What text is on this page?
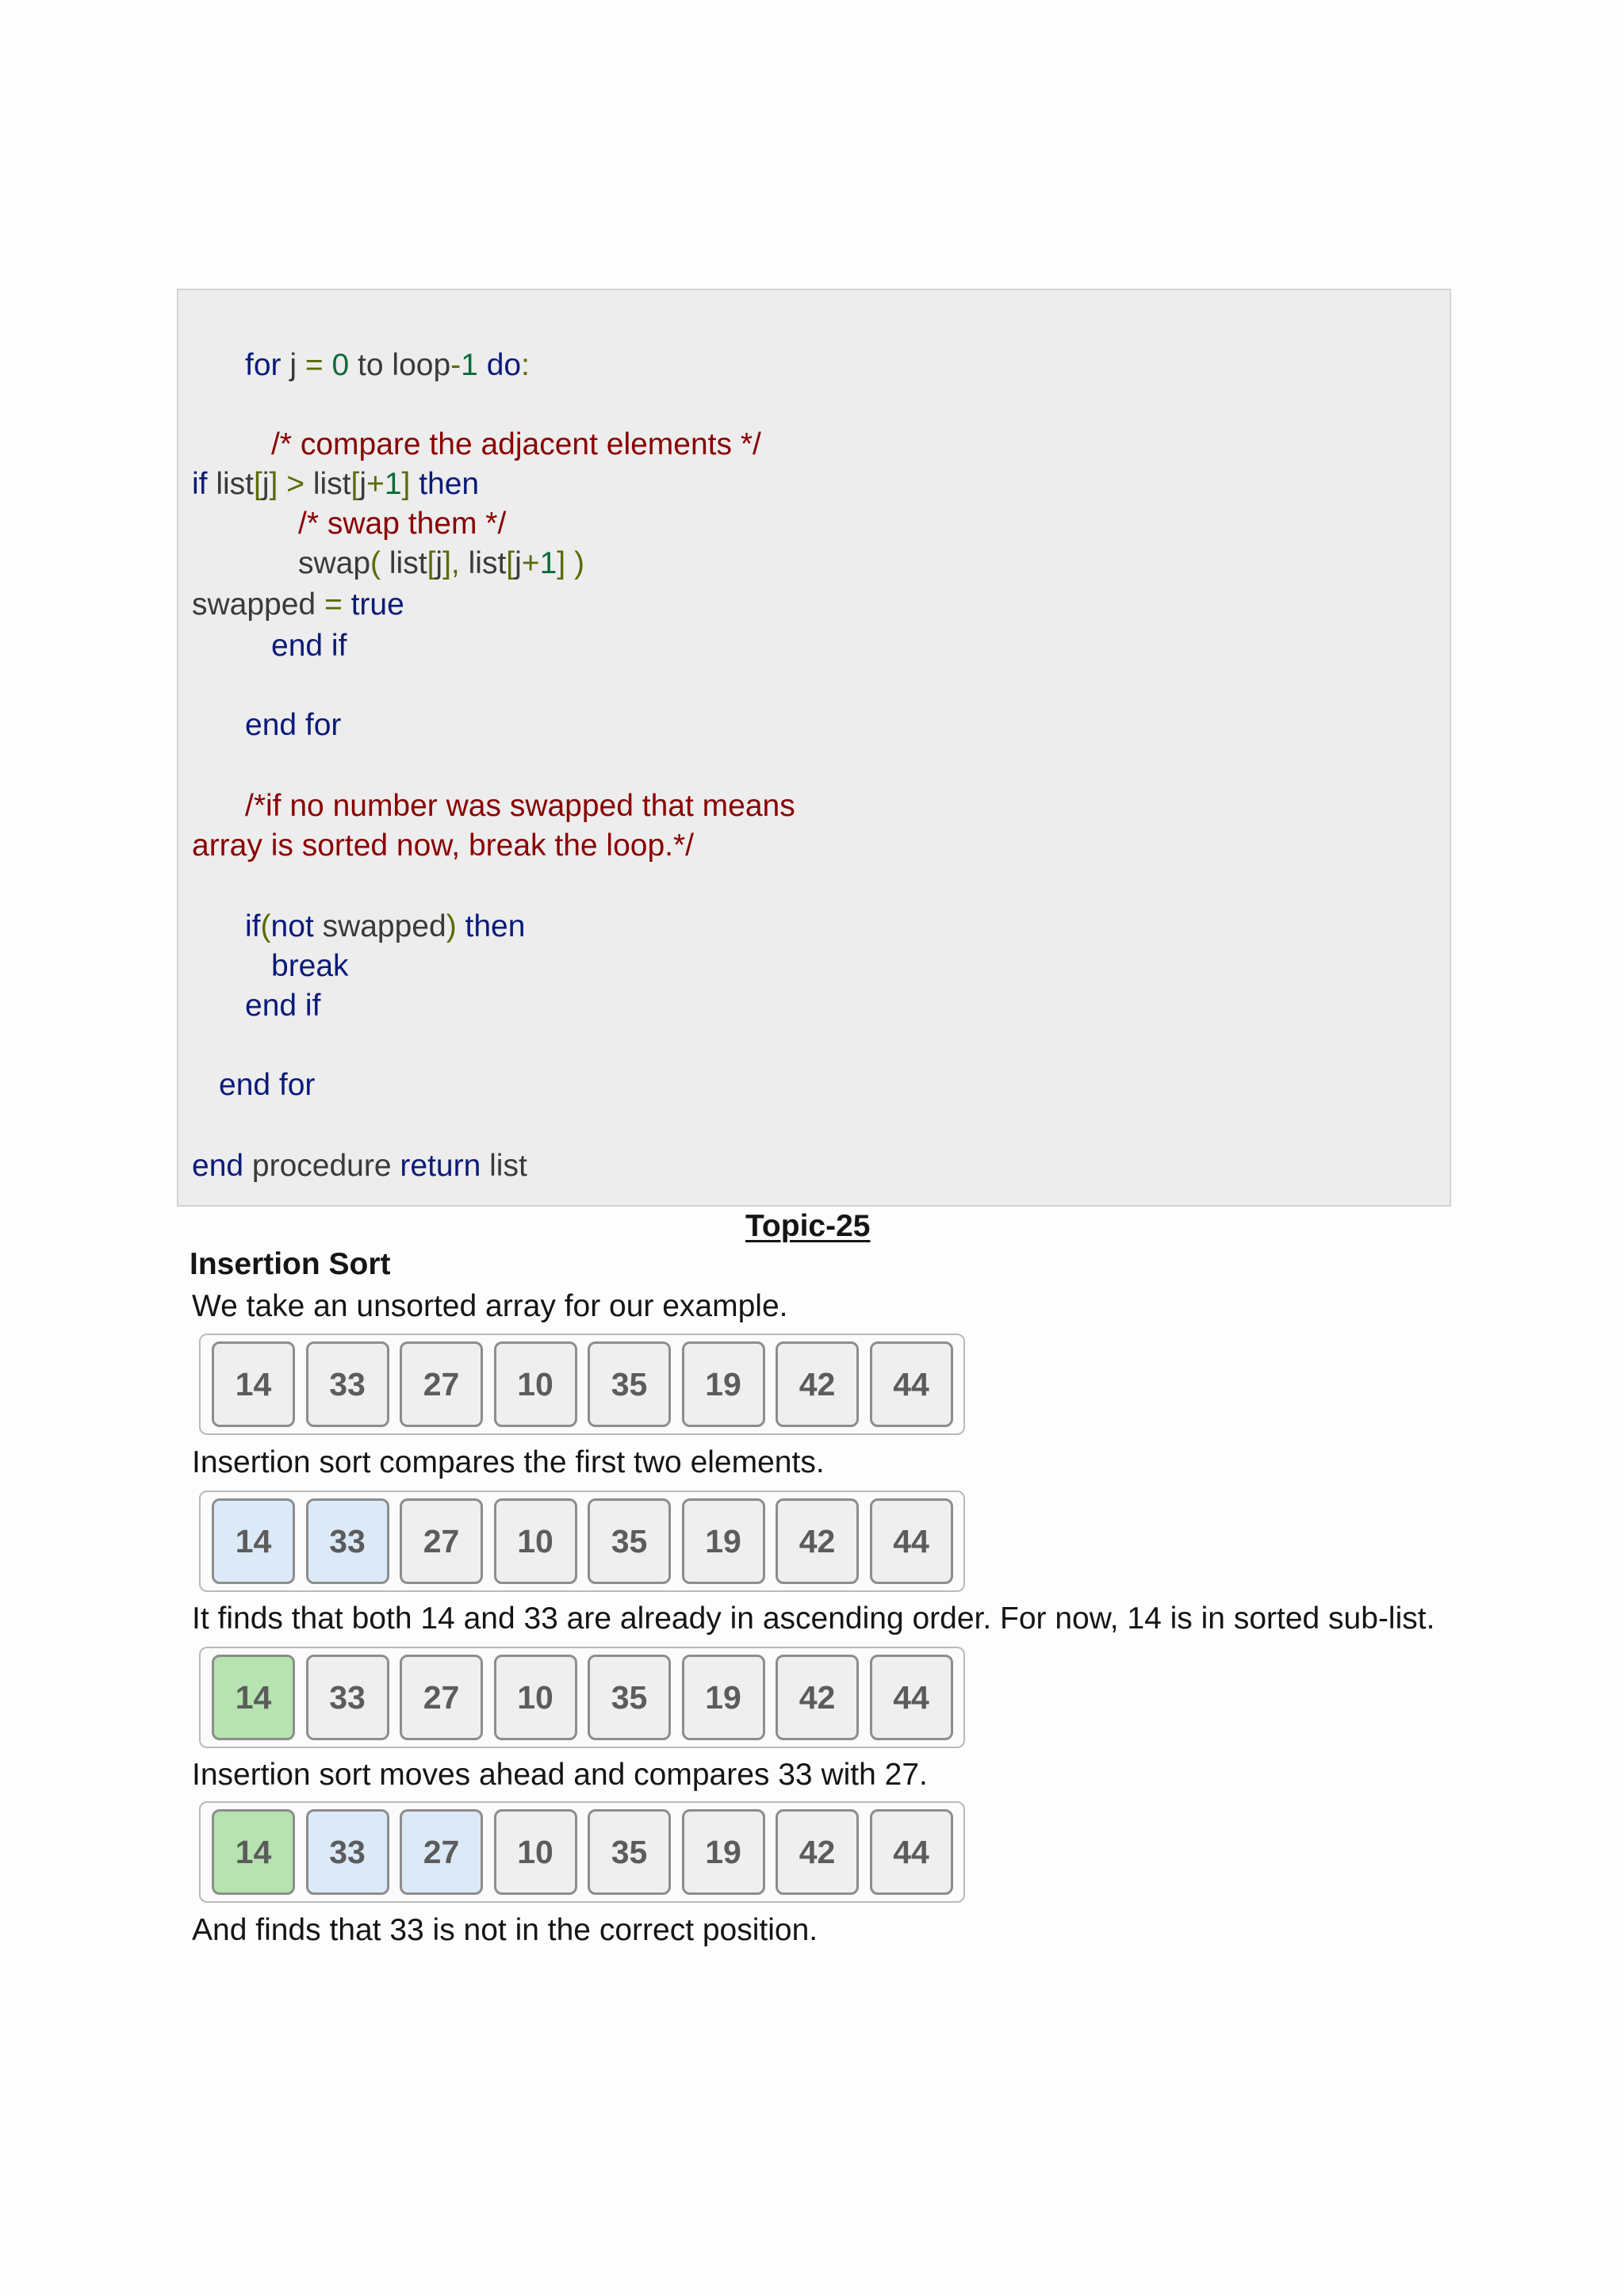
for j = 0 to loop-1 do:
/* compare the adjacent elements */
if list[j] > list[j+1] then
/* swap them */
swap( list[j], list[j+1] )
swapped = true
end if
end for
/*if no number was swapped that means
array is sorted now, break the loop.*/
if(not swapped) then
break
end if
end for
end procedure return list
Topic-25
Insertion Sort
We take an unsorted array for our example.
14	33	27	10	35	19	42	44
Insertion sort compares the first two elements.
14	33	27	10	35	19	42	44
It finds that both 14 and 33 are already in ascending order. For now, 14 is in sorted sub-list.
14	33	27	10	35	19	42	44
Insertion sort moves ahead and compares 33 with 27.
14	33	27	10	35	19	42	44
And finds that 33 is not in the correct position.
